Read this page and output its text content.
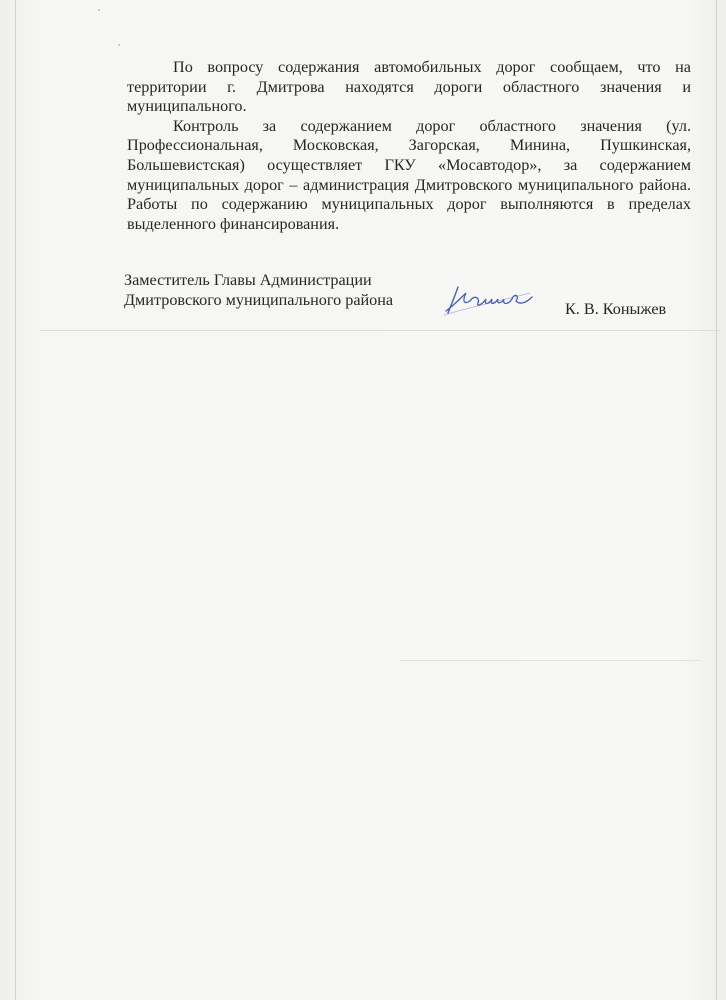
По вопросу содержания автомобильных дорог сообщаем, что на территории г. Дмитрова находятся дороги областного значения и муниципального.

Контроль за содержанием дорог областного значения (ул. Профессиональная, Московская, Загорская, Минина, Пушкинская, Большевистская) осуществляет ГКУ «Мосавтодор», за содержанием муниципальных дорог – администрация Дмитровского муниципального района. Работы по содержанию муниципальных дорог выполняются в пределах выделенного финансирования.

Заместитель Главы Администрации
Дмитровского муниципального района
К. В. Коныжев
